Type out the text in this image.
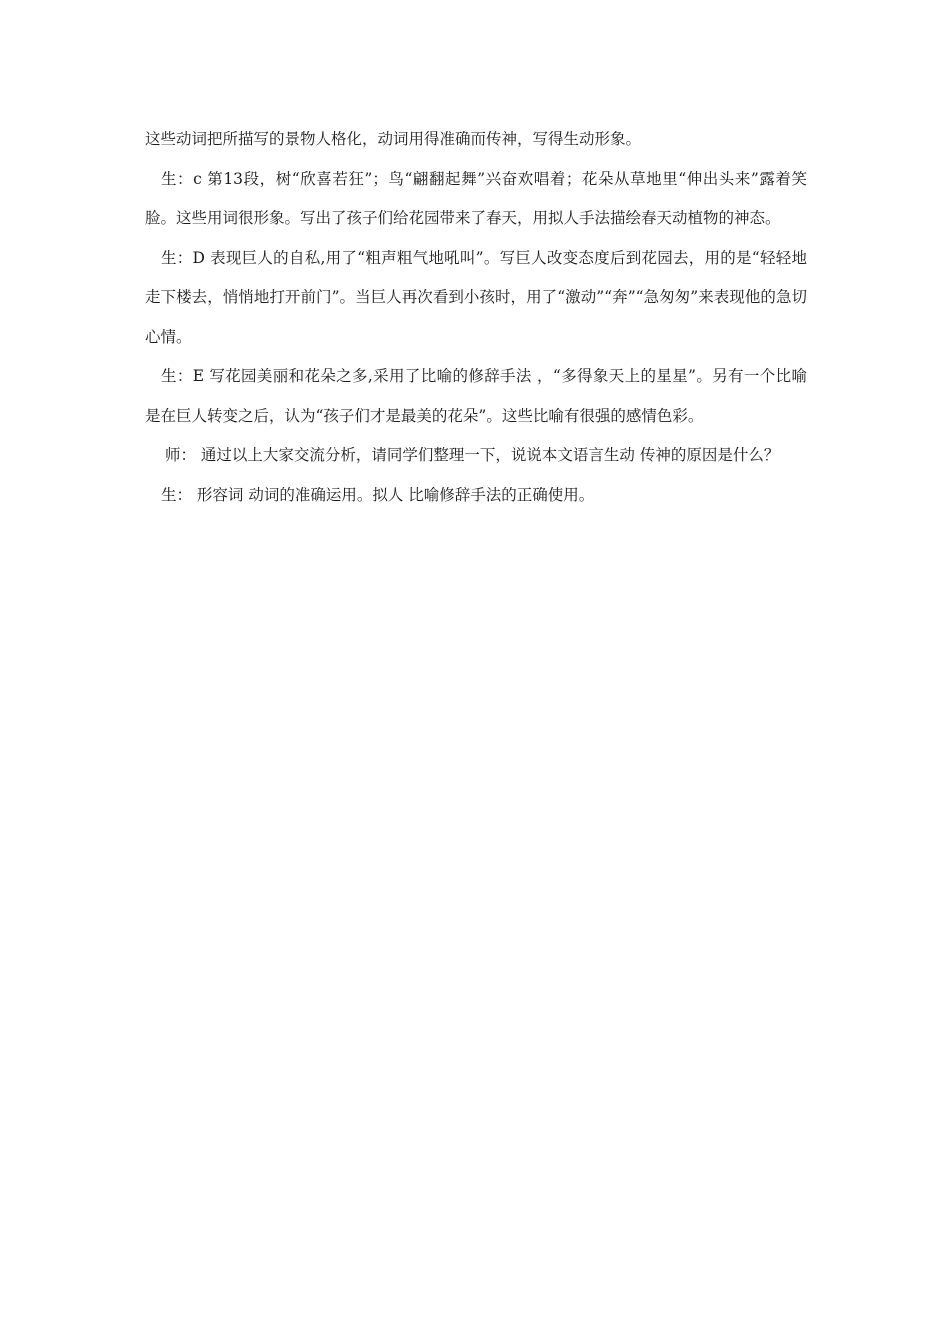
这些动词把所描写的景物人格化，动词用得准确而传神，写得生动形象。

生：c 第13段，树“欣喜若狂”；鸟“翩翻起舞”兴奋欢唱着；花朵从草地里“伸出头来”露着笑脸。这些用词很形象。写出了孩子们给花园带来了春天，用拟人手法描绘春天动植物的神态。

生：D 表现巨人的自私,用了“粗声粗气地吼叫”。写巨人改变态度后到花园去，用的是“轻轻地走下楼去，悄悄地打开前门”。当巨人再次看到小孩时，用了“激动”“奔”“急匆匆”来表现他的急切心情。

生：E 写花园美丽和花朵之多,采用了比喻的修辞手法 ，“多得象天上的星星”。另有一个比喻是在巨人转变之后，认为“孩子们才是最美的花朵”。这些比喻有很强的感情色彩。

师： 通过以上大家交流分析，请同学们整理一下，说说本文语言生动 传神的原因是什么？

生： 形容词 动词的准确运用。拟人 比喻修辞手法的正确使用。
